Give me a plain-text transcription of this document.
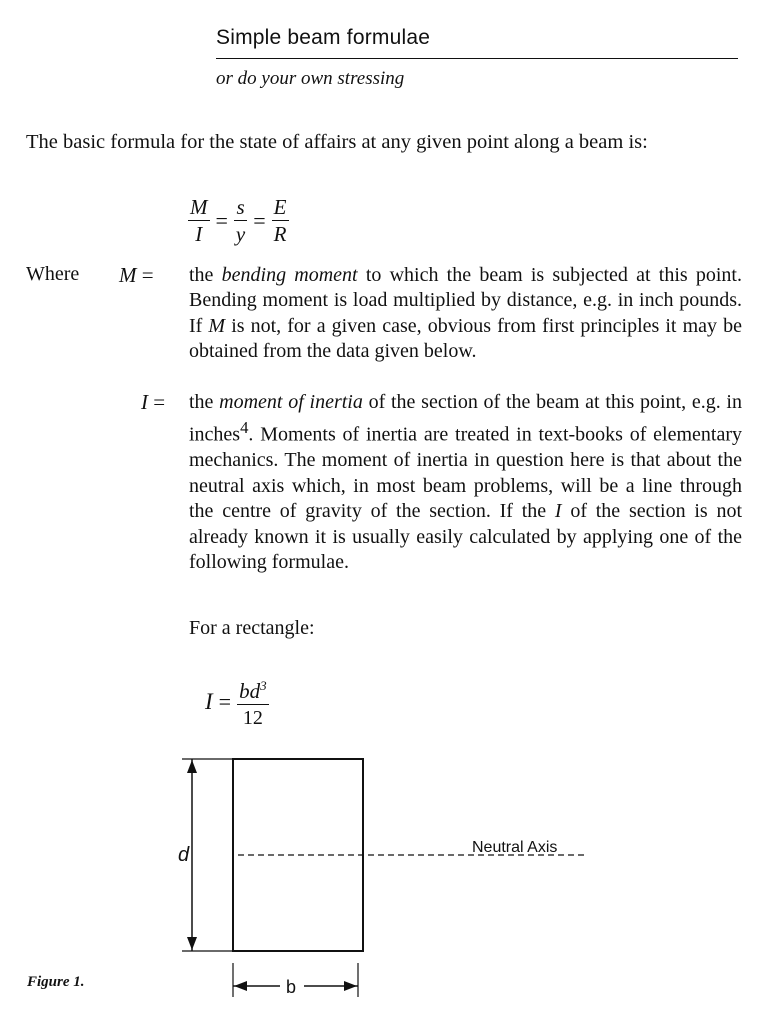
Simple beam formulae
or do your own stressing
The basic formula for the state of affairs at any given point along a beam is:
$\frac{M}{I} = \frac{s}{y} = \frac{E}{R}$
Where M = the bending moment to which the beam is subjected at this point. Bending moment is load multiplied by distance, e.g. in inch pounds. If M is not, for a given case, obvious from first principles it may be obtained from the data given below.
I = the moment of inertia of the section of the beam at this point, e.g. in inches$^4$. Moments of inertia are treated in text-books of elementary mechanics. The moment of inertia in question here is that about the neutral axis which, in most beam problems, will be a line through the centre of gravity of the section. If the I of the section is not already known it is usually easily calculated by applying one of the following formulae.
For a rectangle:
$I = \frac{bd^3}{12}$
d	Neutral Axis
b
Figure 1.
